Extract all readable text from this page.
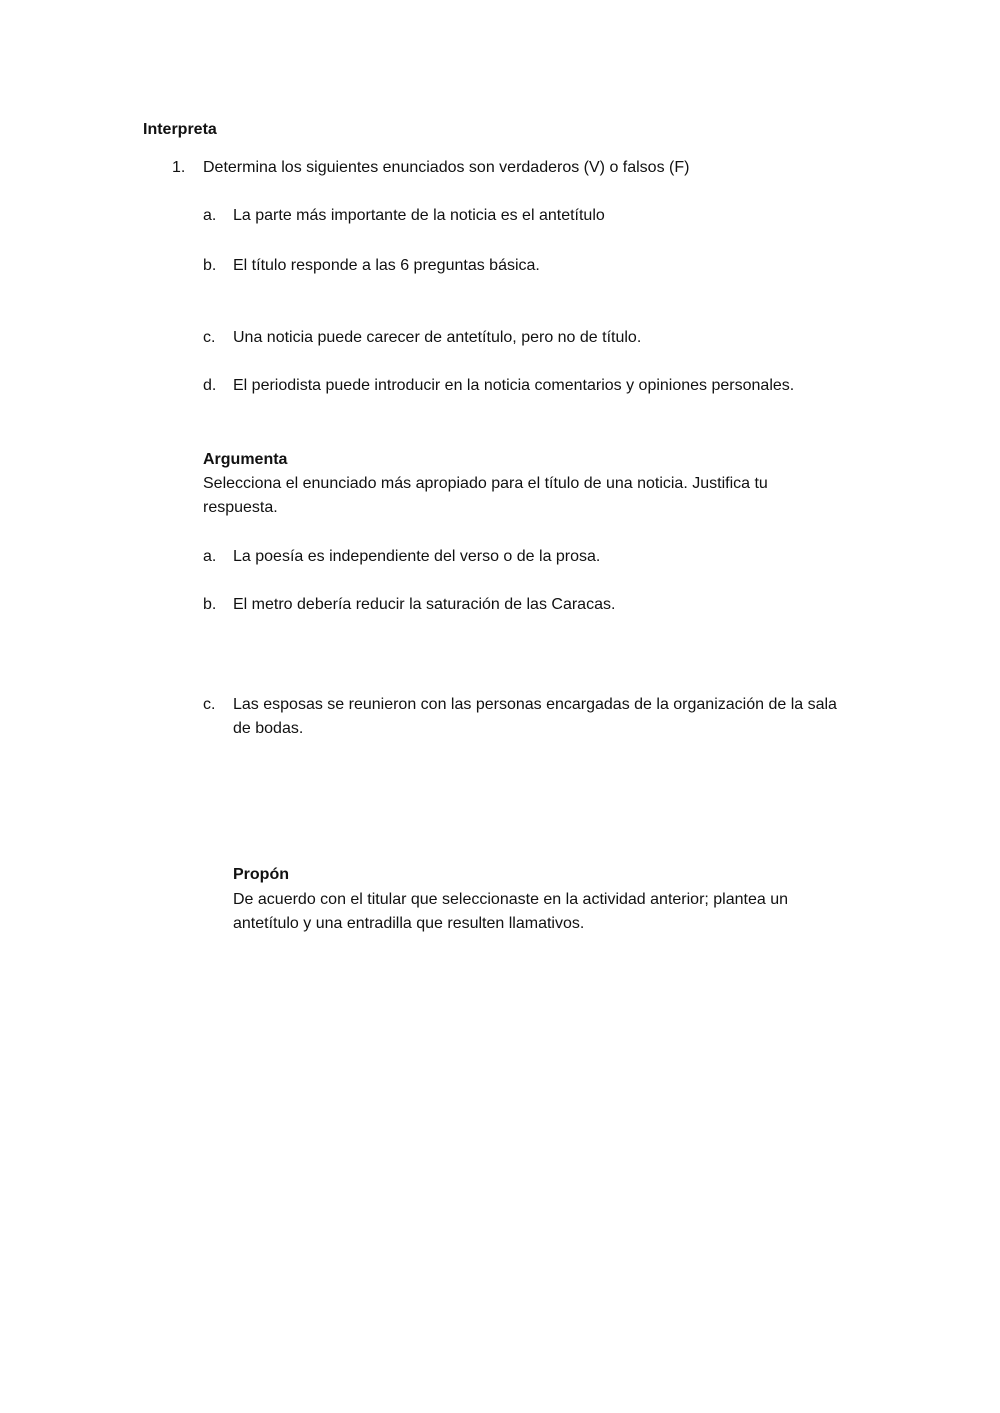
Interpreta

1. Determina los siguientes enunciados son verdaderos (V) o falsos (F)
a. La parte más importante de la noticia es el antetítulo
b. El título responde a las 6 preguntas básica.
c. Una noticia puede carecer de antetítulo, pero no de título.
d. El periodista puede introducir en la noticia comentarios y opiniones personales.

Argumenta

Selecciona el enunciado más apropiado para el título de una noticia. Justifica tu

respuesta.

a. La poesía es independiente del verso o de la prosa.
b. El metro debería reducir la saturación de las Caracas.
c. Las esposas se reunieron con las personas encargadas de la organización de la sala
de bodas.

Propón

De acuerdo con el titular que seleccionaste en la actividad anterior; plantea un

antetítulo y una entradilla que resulten llamativos.
